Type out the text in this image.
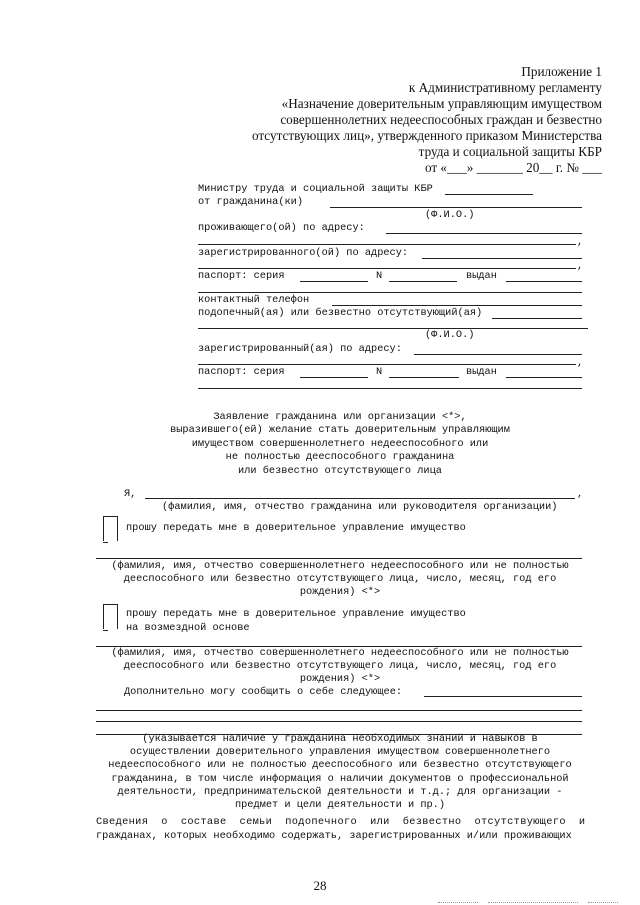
Приложение 1
к Административному регламенту
«Назначение доверительным управляющим имуществом
совершеннолетних недееспособных граждан и безвестно
отсутствующих лиц», утвержденного приказом Министерства
труда и социальной защиты КБР
от «___» _______ 20__ г. № ___
Министру труда и социальной защиты КБР
от гражданина(ки)
(Ф.И.О.)
проживающего(ой) по адресу:
,
зарегистрированного(ой) по адресу:
,
паспорт: серия	N	выдан
контактный телефон
подопечный(ая) или безвестно отсутствующий(ая)
(Ф.И.О.)
зарегистрированный(ая) по адресу:
,
паспорт: серия	N	выдан
Заявление гражданина или организации <*>,
выразившего(ей) желание стать доверительным управляющим
имуществом совершеннолетнего недееспособного или
не полностью дееспособного гражданина
или безвестно отсутствующего лица
Я,	,
(фамилия, имя, отчество гражданина или руководителя организации)
прошу передать мне в доверительное управление имущество
(фамилия, имя, отчество совершеннолетнего недееспособного или не полностью
дееспособного или безвестно отсутствующего лица, число, месяц, год его
рождения) <*>
прошу передать мне в доверительное управление имущество
на возмездной основе
(фамилия, имя, отчество совершеннолетнего недееспособного или не полностью
дееспособного или безвестно отсутствующего лица, число, месяц, год его
рождения) <*>
Дополнительно могу сообщить о себе следующее:
(указывается наличие у гражданина необходимых знаний и навыков в
осуществлении доверительного управления имуществом совершеннолетнего
недееспособного или не полностью дееспособного или безвестно отсутствующего
гражданина, в том числе информация о наличии документов о профессиональной
деятельности, предпринимательской деятельности и т.д.; для организации -
предмет и цели деятельности и пр.)
Сведения о составе семьи подопечного или безвестно отсутствующего и
гражданах, которых необходимо содержать, зарегистрированных и/или проживающих
28
